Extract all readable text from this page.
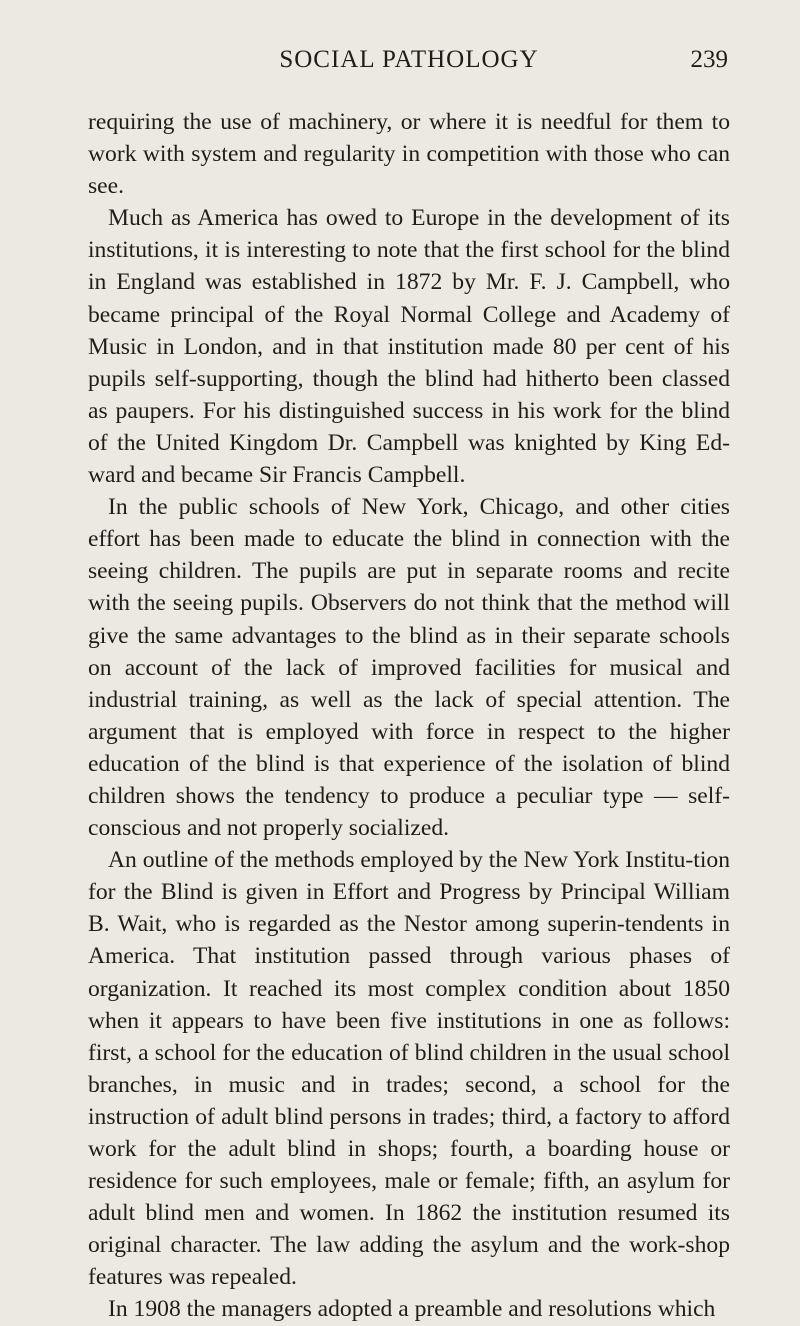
SOCIAL PATHOLOGY	239

requiring the use of machinery, or where it is needful for them to work with system and regularity in competition with those who can see.

Much as America has owed to Europe in the development of its institutions, it is interesting to note that the first school for the blind in England was established in 1872 by Mr. F. J. Campbell, who became principal of the Royal Normal College and Academy of Music in London, and in that institution made 80 per cent of his pupils self-supporting, though the blind had hitherto been classed as paupers. For his distinguished success in his work for the blind of the United Kingdom Dr. Campbell was knighted by King Ed-ward and became Sir Francis Campbell.

In the public schools of New York, Chicago, and other cities effort has been made to educate the blind in connection with the seeing children. The pupils are put in separate rooms and recite with the seeing pupils. Observers do not think that the method will give the same advantages to the blind as in their separate schools on account of the lack of improved facilities for musical and industrial training, as well as the lack of special attention. The argument that is employed with force in respect to the higher education of the blind is that experience of the isolation of blind children shows the tendency to produce a peculiar type — self-conscious and not properly socialized.

An outline of the methods employed by the New York Institu-tion for the Blind is given in Effort and Progress by Principal William B. Wait, who is regarded as the Nestor among superin-tendents in America. That institution passed through various phases of organization. It reached its most complex condition about 1850 when it appears to have been five institutions in one as follows: first, a school for the education of blind children in the usual school branches, in music and in trades; second, a school for the instruction of adult blind persons in trades; third, a factory to afford work for the adult blind in shops; fourth, a boarding house or residence for such employees, male or female; fifth, an asylum for adult blind men and women. In 1862 the institution resumed its original character. The law adding the asylum and the work-shop features was repealed.

In 1908 the managers adopted a preamble and resolutions which
